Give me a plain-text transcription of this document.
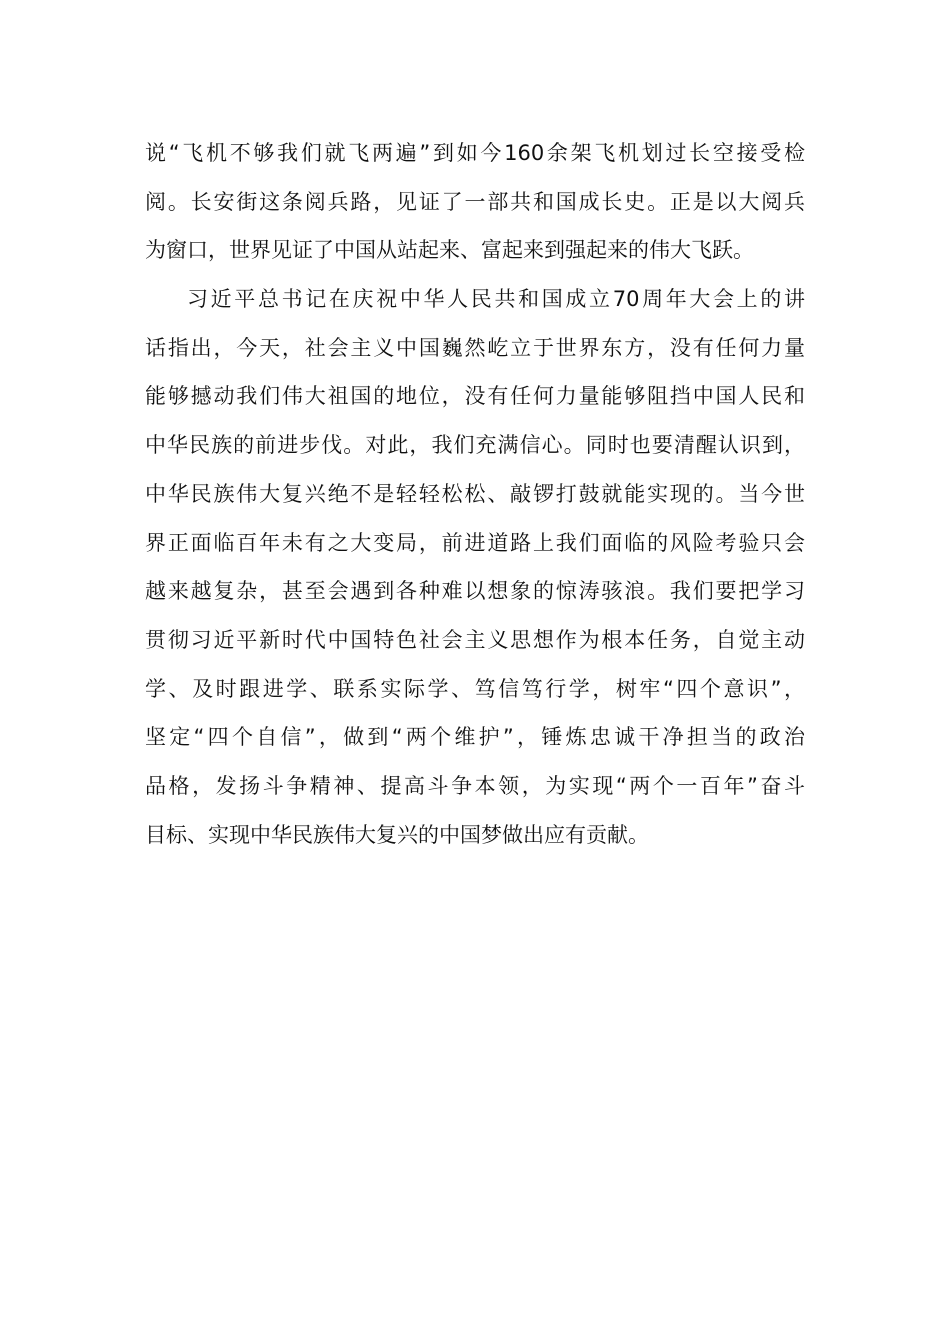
说“飞机不够我们就飞两遍”到如今160余架飞机划过长空接受检
阅。长安街这条阅兵路，见证了一部共和国成长史。正是以大阅兵
为窗口，世界见证了中国从站起来、富起来到强起来的伟大飞跃。
习近平总书记在庆祝中华人民共和国成立70周年大会上的讲
话指出，今天，社会主义中国巍然屹立于世界东方，没有任何力量
能够撼动我们伟大祖国的地位，没有任何力量能够阻挡中国人民和
中华民族的前进步伐。对此，我们充满信心。同时也要清醒认识到，
中华民族伟大复兴绝不是轻轻松松、敲锣打鼓就能实现的。当今世
界正面临百年未有之大变局，前进道路上我们面临的风险考验只会
越来越复杂，甚至会遇到各种难以想象的惊涛骇浪。我们要把学习
贯彻习近平新时代中国特色社会主义思想作为根本任务，自觉主动
学、及时跟进学、联系实际学、笃信笃行学，树牢“四个意识”，
坚定“四个自信”，做到“两个维护”，锤炼忠诚干净担当的政治
品格，发扬斗争精神、提高斗争本领，为实现“两个一百年”奋斗
目标、实现中华民族伟大复兴的中国梦做出应有贡献。
